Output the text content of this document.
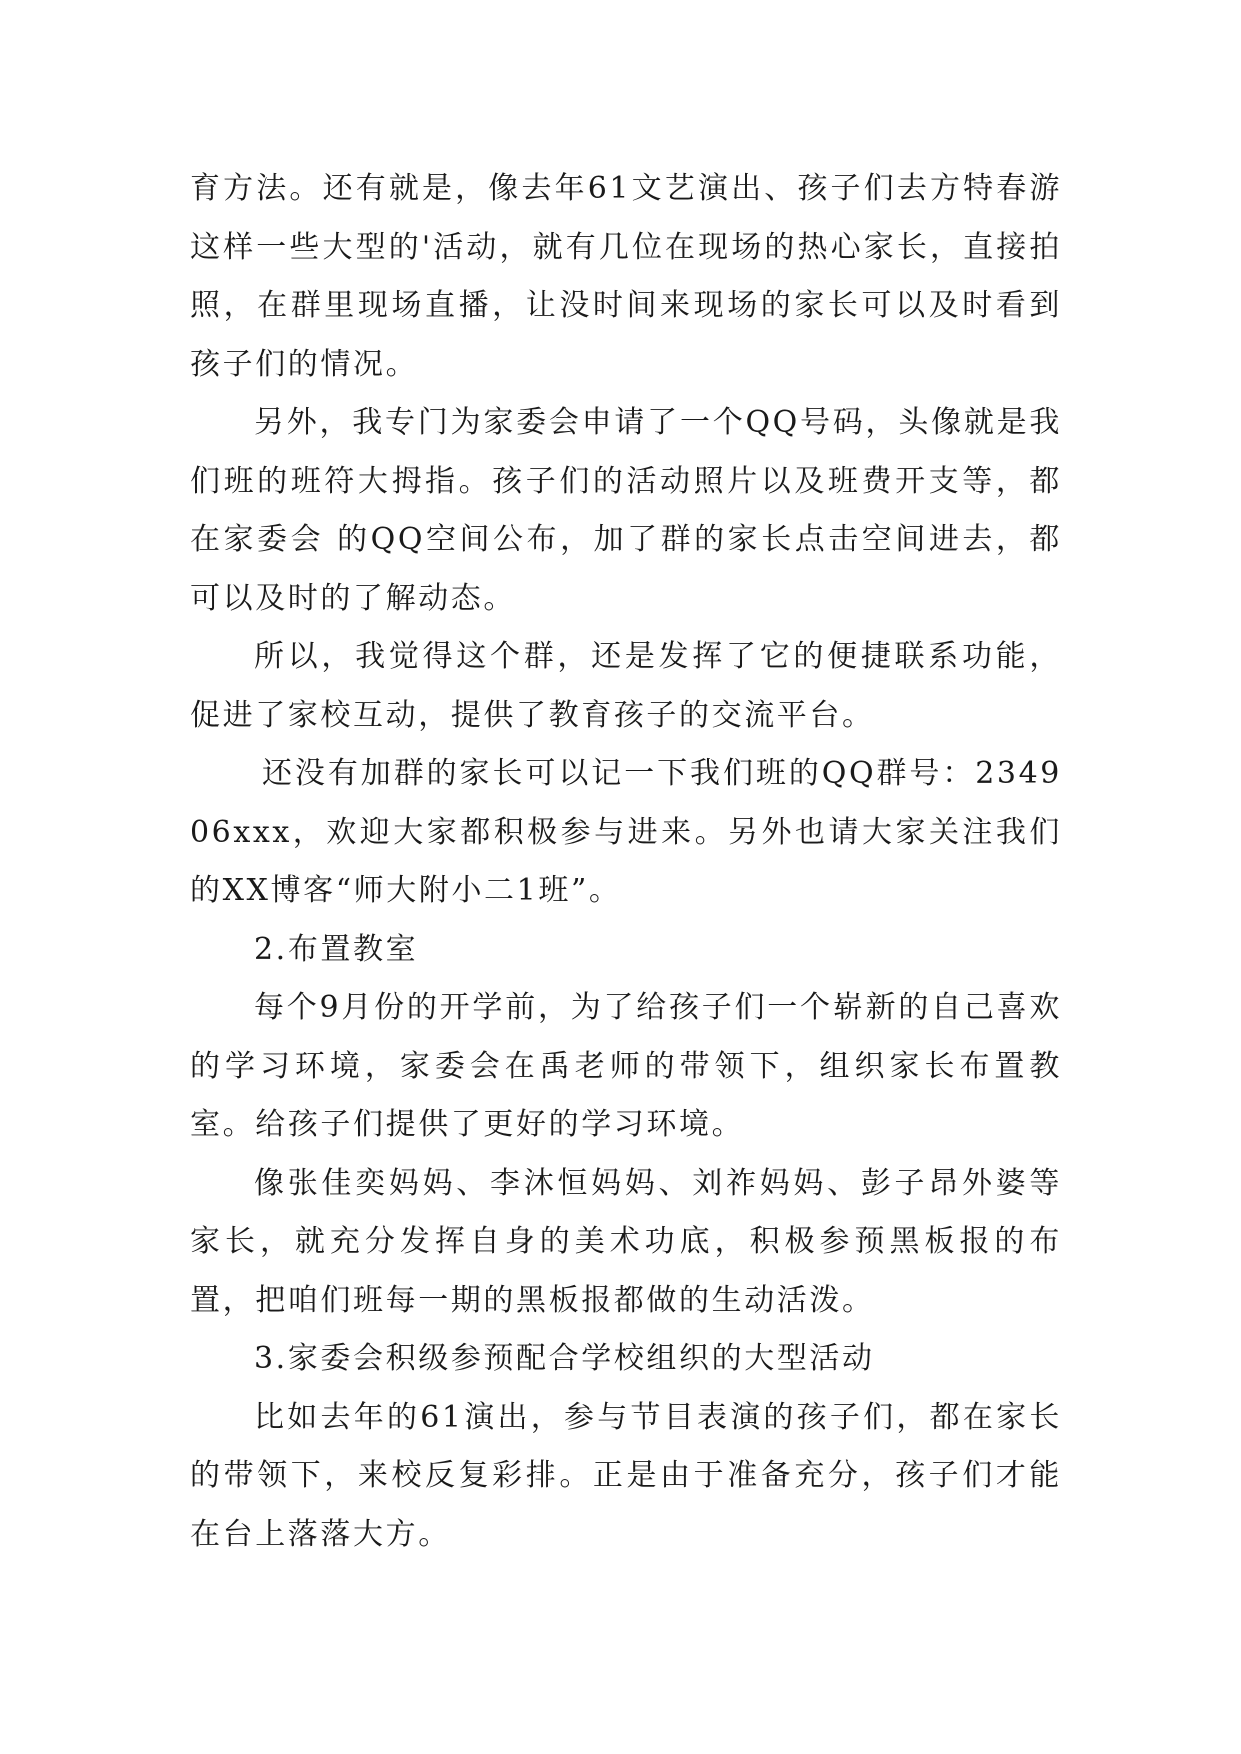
育方法。还有就是，像去年61文艺演出、孩子们去方特春游这样一些大型的'活动，就有几位在现场的热心家长，直接拍照，在群里现场直播，让没时间来现场的家长可以及时看到孩子们的情况。

另外，我专门为家委会申请了一个QQ号码，头像就是我们班的班符大拇指。孩子们的活动照片以及班费开支等，都在家委会 的QQ空间公布，加了群的家长点击空间进去，都可以及时的了解动态。

所以，我觉得这个群，还是发挥了它的便捷联系功能，促进了家校互动，提供了教育孩子的交流平台。

还没有加群的家长可以记一下我们班的QQ群号：234906xxx，欢迎大家都积极参与进来。另外也请大家关注我们的XX博客“师大附小二1班”。

2.布置教室

每个9月份的开学前，为了给孩子们一个崭新的自己喜欢的学习环境，家委会在禹老师的带领下，组织家长布置教室。给孩子们提供了更好的学习环境。

像张佳奕妈妈、李沐恒妈妈、刘祚妈妈、彭子昂外婆等家长，就充分发挥自身的美术功底，积极参预黑板报的布置，把咱们班每一期的黑板报都做的生动活泼。

3.家委会积级参预配合学校组织的大型活动

比如去年的61演出，参与节目表演的孩子们，都在家长的带领下，来校反复彩排。正是由于准备充分，孩子们才能在台上落落大方。
